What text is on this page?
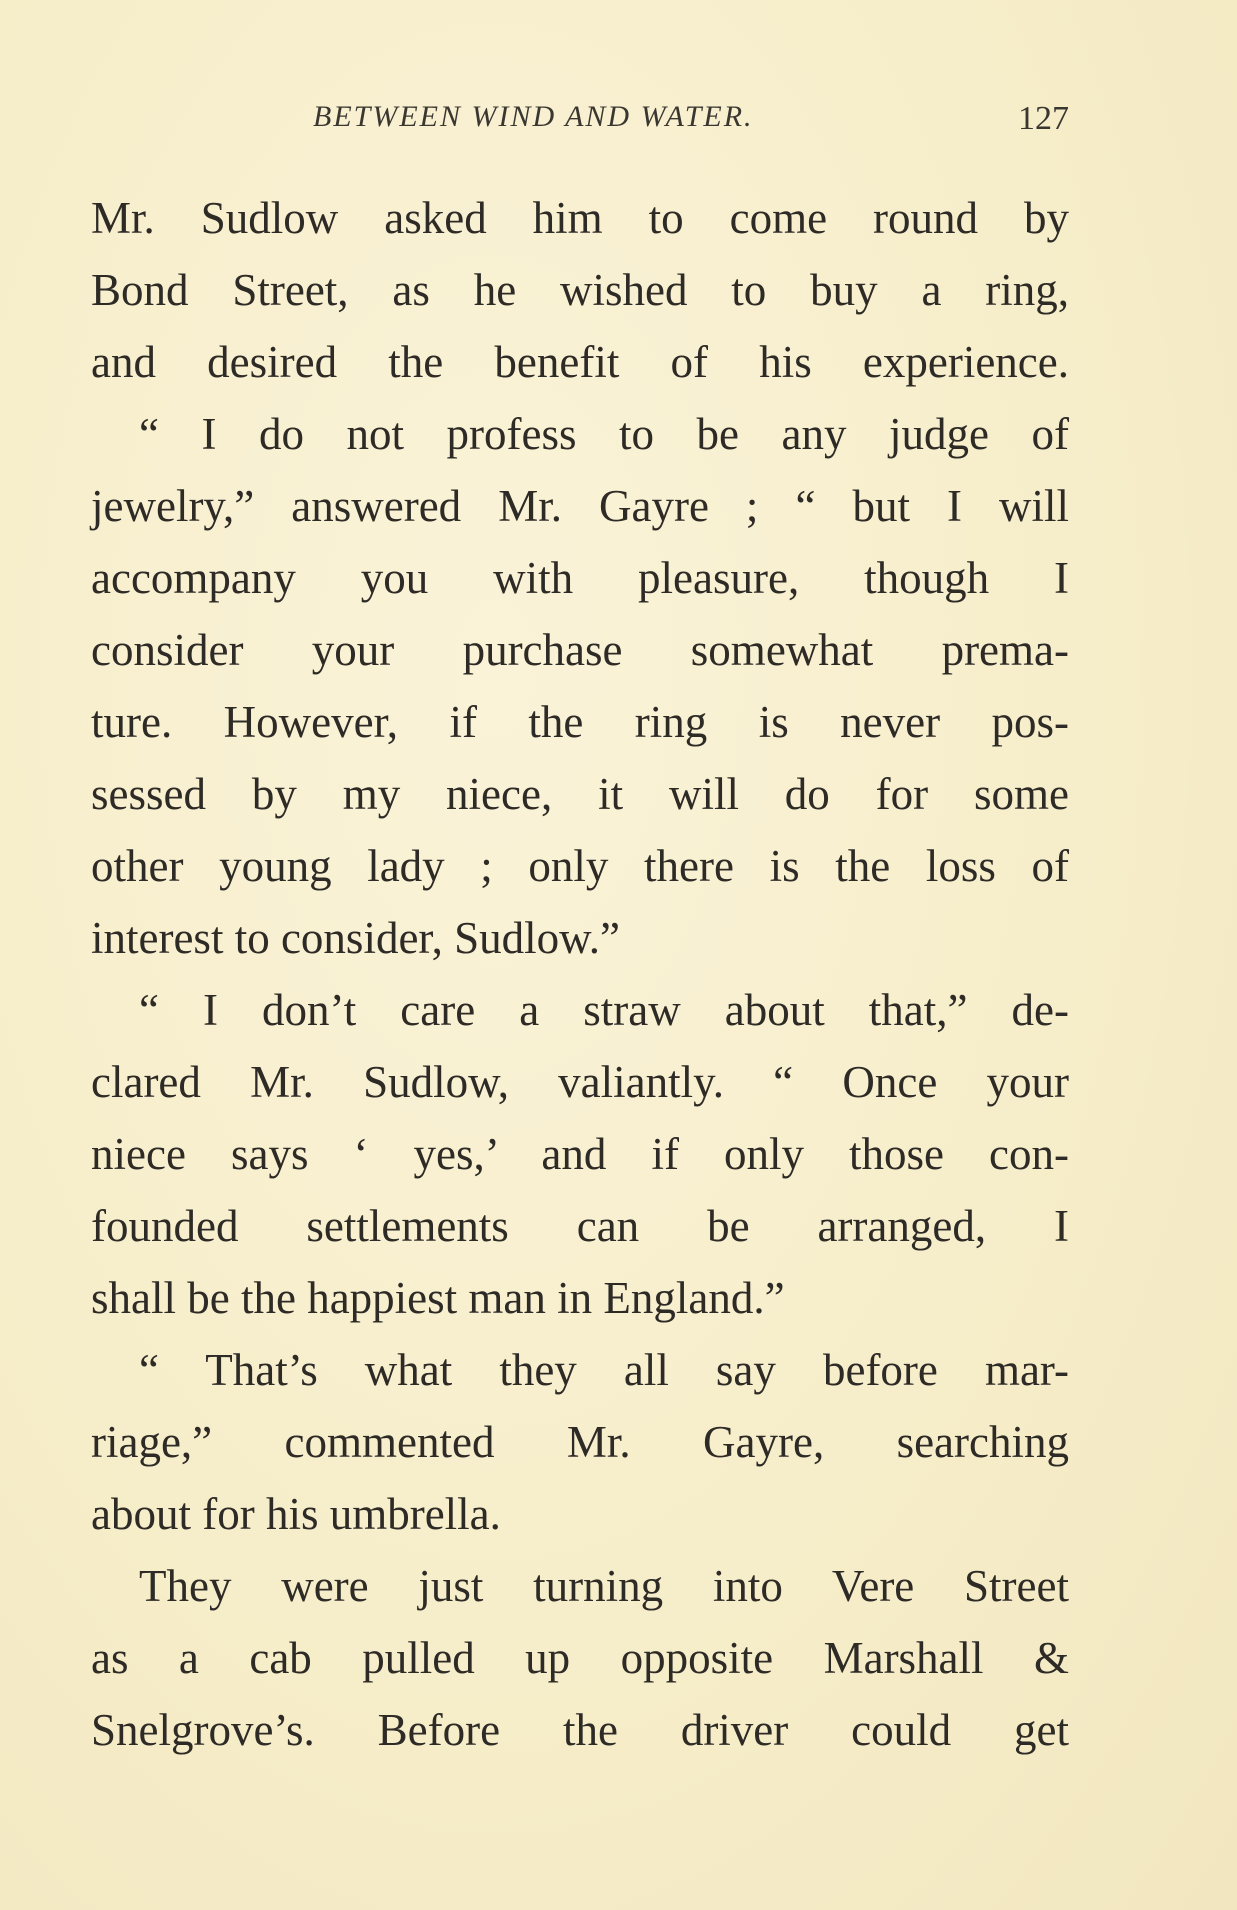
BETWEEN WIND AND WATER.	127
Mr. Sudlow asked him to come round by
Bond Street, as he wished to buy a ring,
and desired the benefit of his experience.
“ I do not profess to be any judge of
jewelry,” answered Mr. Gayre ; “ but I will
accompany you with pleasure, though I
consider your purchase somewhat prema-
ture. However, if the ring is never pos-
sessed by my niece, it will do for some
other young lady ; only there is the loss of
interest to consider, Sudlow.”
“ I don’t care a straw about that,” de-
clared Mr. Sudlow, valiantly. “ Once your
niece says ‘ yes,’ and if only those con-
founded settlements can be arranged, I
shall be the happiest man in England.”
“ That’s what they all say before mar-
riage,” commented Mr. Gayre, searching
about for his umbrella.
They were just turning into Vere Street
as a cab pulled up opposite Marshall &
Snelgrove’s. Before the driver could get
